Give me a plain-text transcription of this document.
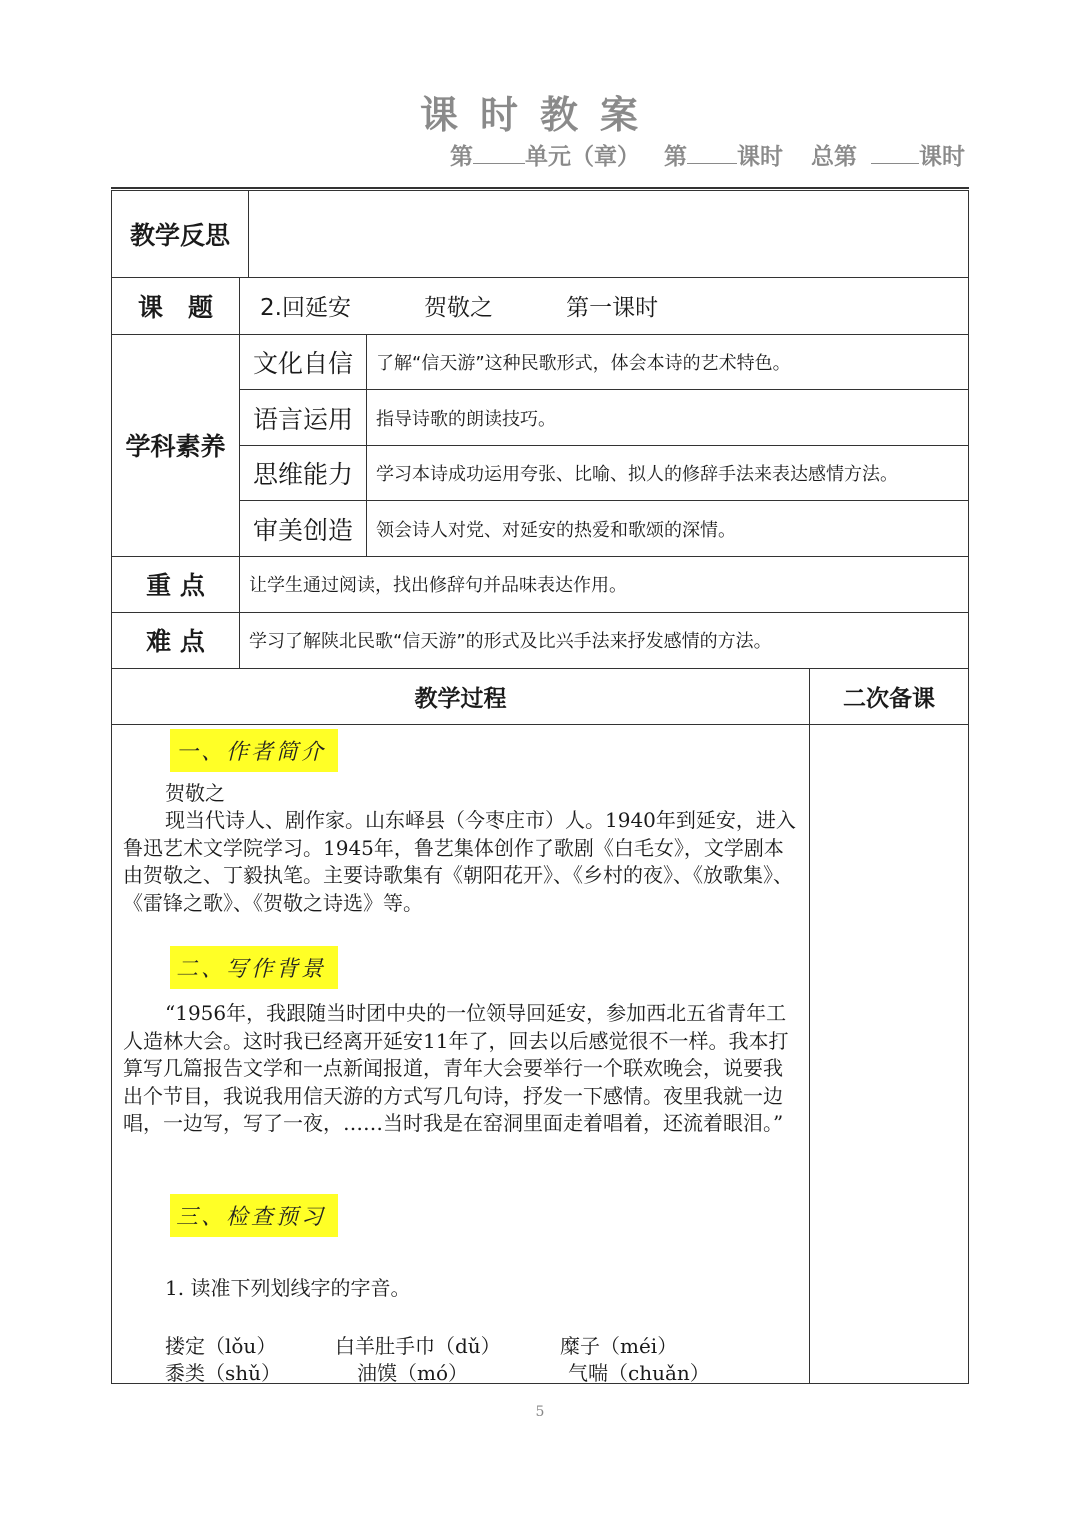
课时教案
第 单元（章） 第 课时 总第	课时
教学反思
课　题	2.回延安          贺敬之          第一课时
学科素养
文化自信	了解“信天游”这种民歌形式，体会本诗的艺术特色。
语言运用	指导诗歌的朗读技巧。
思维能力	学习本诗成功运用夸张、比喻、拟人的修辞手法来表达感情方法。
审美创造	领会诗人对党、对延安的热爱和歌颂的深情。
重 点	让学生通过阅读，找出修辞句并品味表达作用。
难 点	学习了解陕北民歌“信天游”的形式及比兴手法来抒发感情的方法。
教学过程	二次备课
一、作者简介
贺敬之
现当代诗人、剧作家。山东峄县（今枣庄市）人。1940年到延安，进入鲁迅艺术文学院学习。1945年，鲁艺集体创作了歌剧《白毛女》，文学剧本由贺敬之、丁毅执笔。主要诗歌集有《朝阳花开》、《乡村的夜》、《放歌集》、《雷锋之歌》、《贺敬之诗选》等。
二、写作背景
“1956年，我跟随当时团中央的一位领导回延安，参加西北五省青年工人造林大会。这时我已经离开延安11年了，回去以后感觉很不一样。我本打算写几篇报告文学和一点新闻报道，青年大会要举行一个联欢晚会，说要我出个节目，我说我用信天游的方式写几句诗，抒发一下感情。夜里我就一边唱，一边写，写了一夜，……当时我是在窑洞里面走着唱着，还流着眼泪。”
三、检查预习
1. 读准下列划线字的字音。
搂定（lǒu）	白羊肚手巾（dǔ）	糜子（méi）
黍类（shǔ）	油馍（mó）	气喘（chuǎn）
5
